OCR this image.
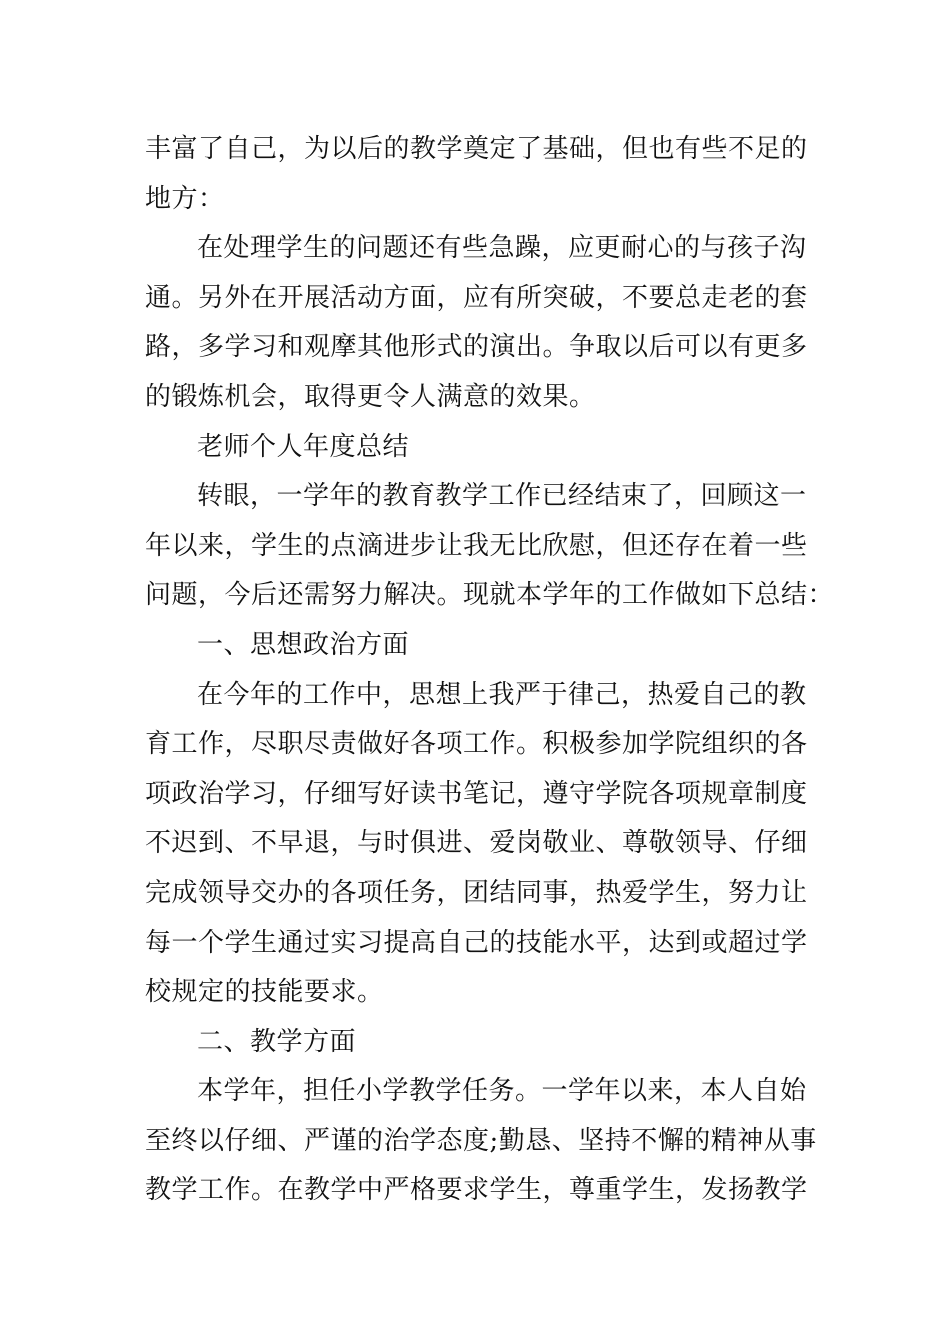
丰富了自己，为以后的教学奠定了基础，但也有些不足的
地方：
在处理学生的问题还有些急躁，应更耐心的与孩子沟
通。另外在开展活动方面，应有所突破，不要总走老的套
路，多学习和观摩其他形式的演出。争取以后可以有更多
的锻炼机会，取得更令人满意的效果。
老师个人年度总结
转眼，一学年的教育教学工作已经结束了，回顾这一
年以来，学生的点滴进步让我无比欣慰，但还存在着一些
问题，今后还需努力解决。现就本学年的工作做如下总结：
一、思想政治方面
在今年的工作中，思想上我严于律己，热爱自己的教
育工作，尽职尽责做好各项工作。积极参加学院组织的各
项政治学习，仔细写好读书笔记，遵守学院各项规章制度
不迟到、不早退，与时俱进、爱岗敬业、尊敬领导、仔细
完成领导交办的各项任务，团结同事，热爱学生，努力让
每一个学生通过实习提高自己的技能水平，达到或超过学
校规定的技能要求。
二、教学方面
本学年，担任小学教学任务。一学年以来，本人自始
至终以仔细、严谨的治学态度;勤恳、坚持不懈的精神从事
教学工作。在教学中严格要求学生，尊重学生，发扬教学
